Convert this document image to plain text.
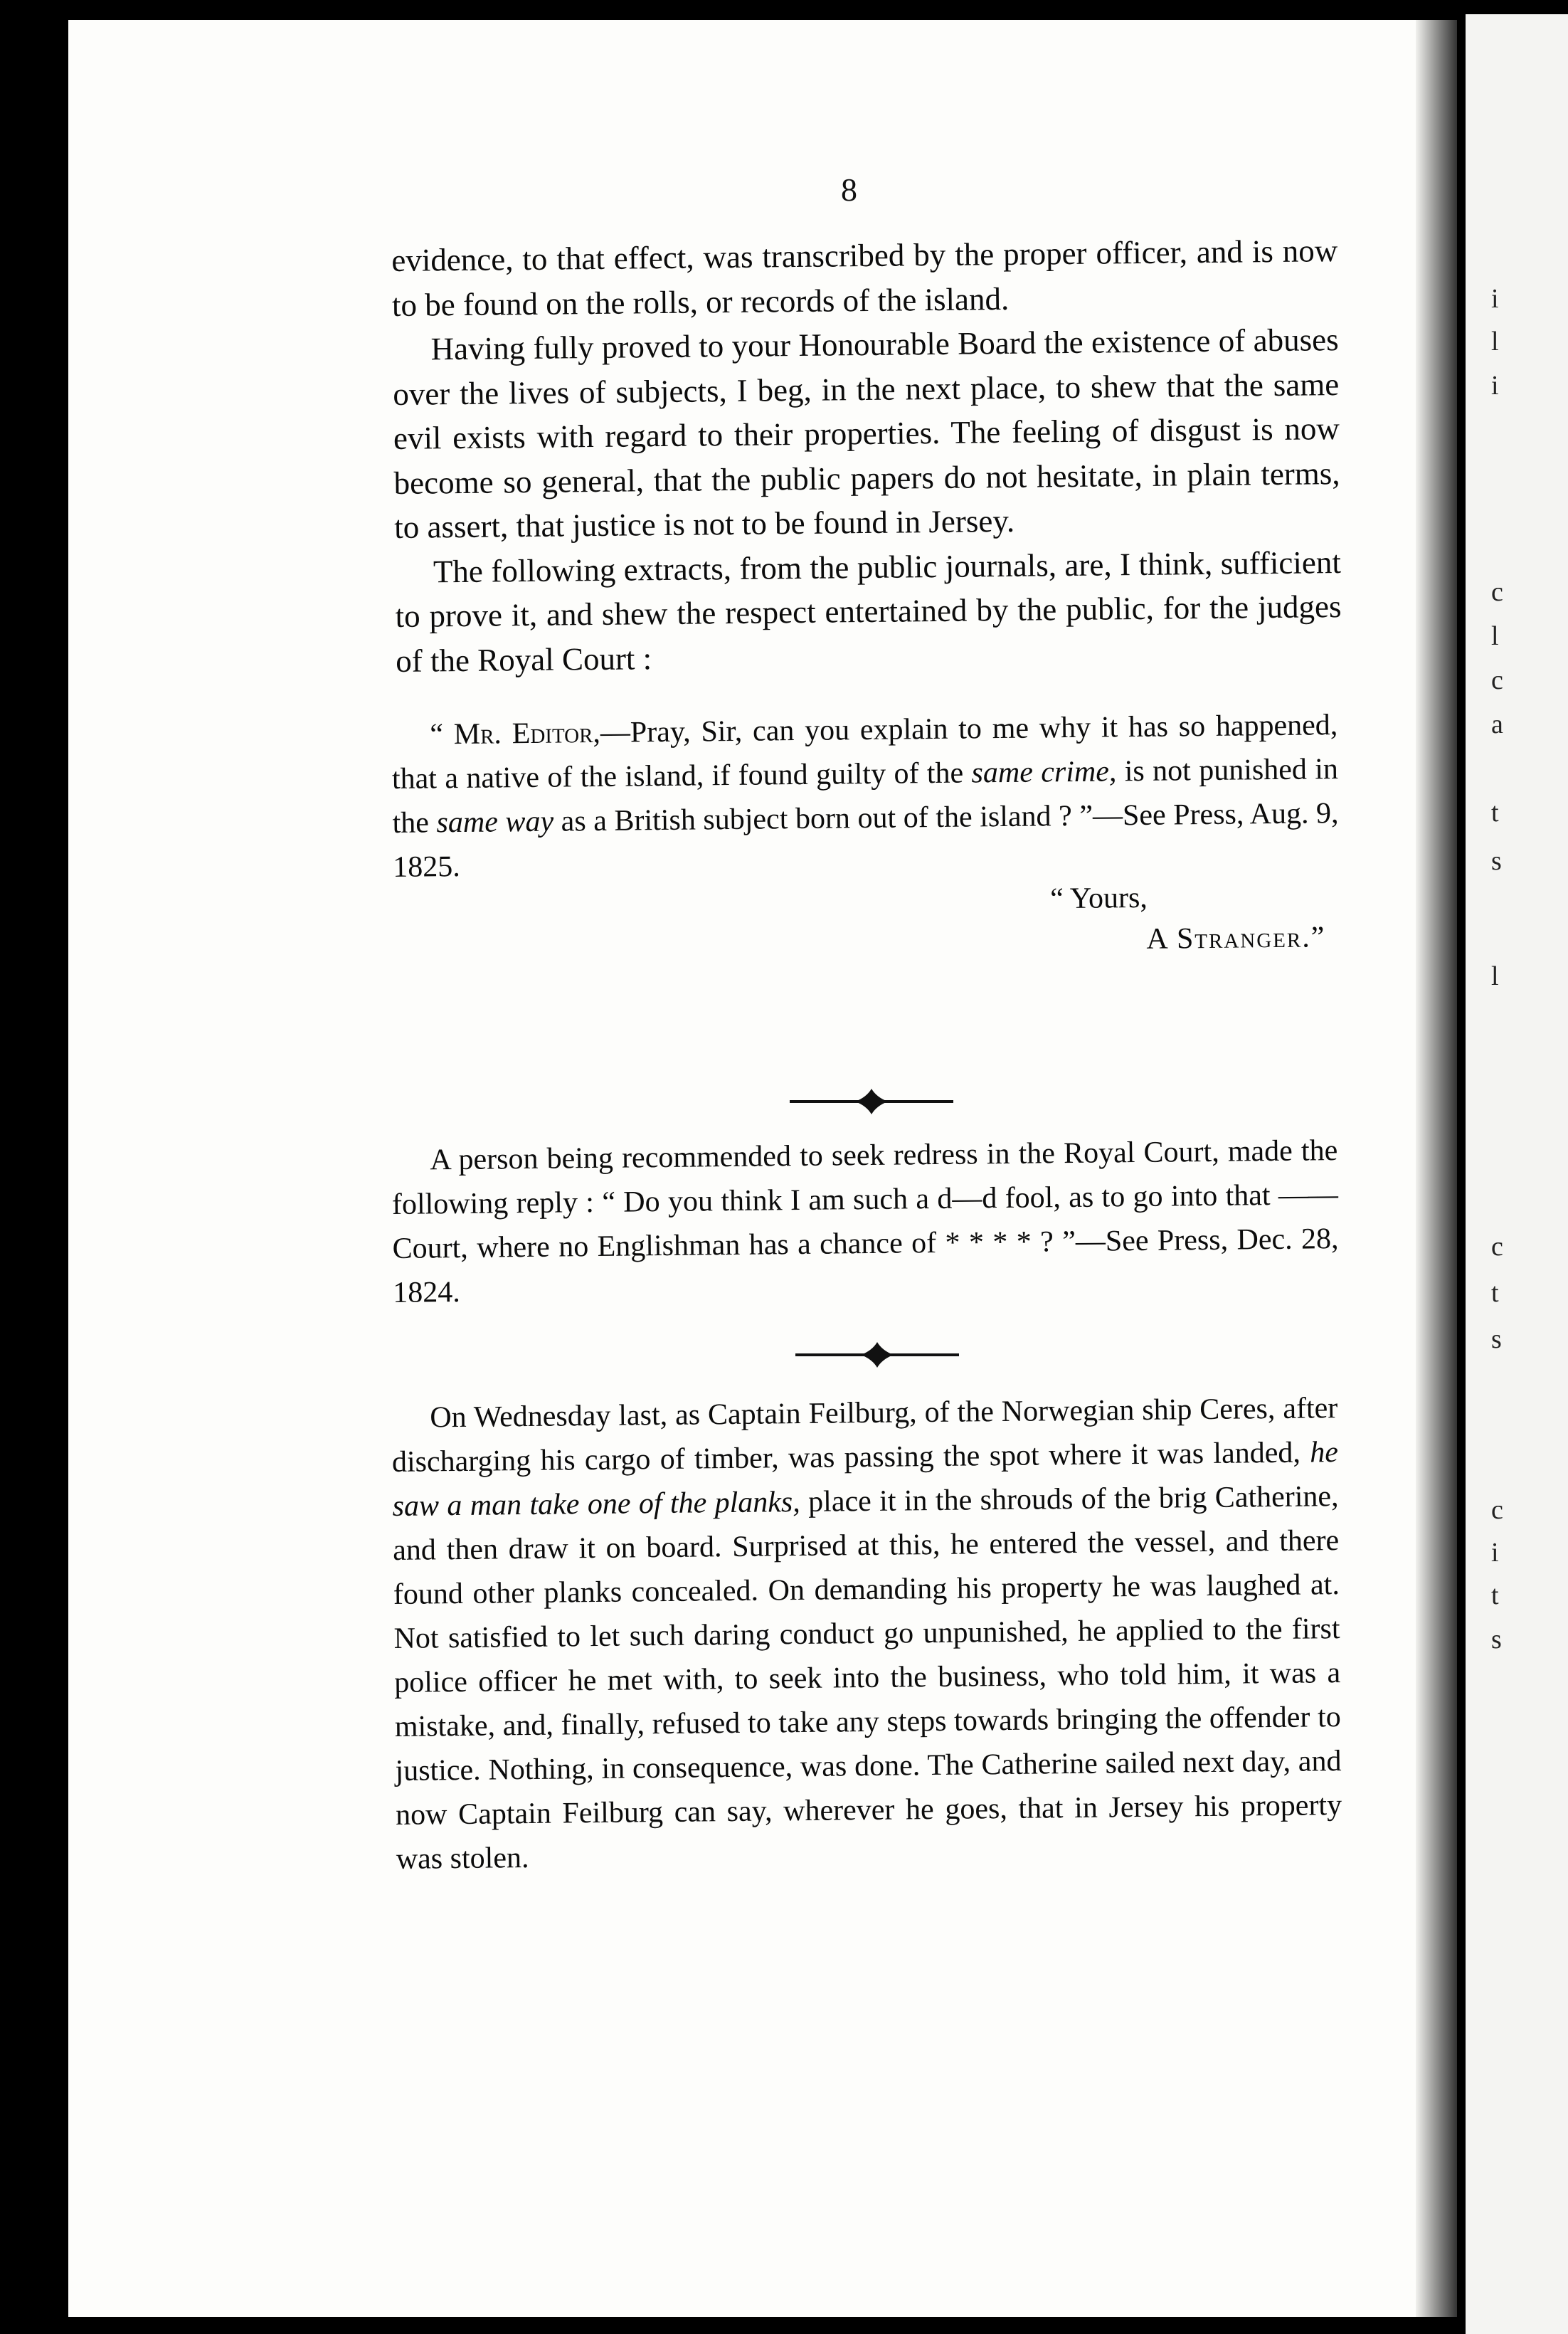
i
l
i
c
l
c
a
t
s
l
c
t
s
c
i
t
s
8

evidence, to that effect, was transcribed by the proper officer, and is now to be found on the rolls, or records of the island.

Having fully proved to your Honourable Board the existence of abuses over the lives of subjects, I beg, in the next place, to shew that the same evil exists with regard to their properties. The feeling of disgust is now become so general, that the public papers do not hesitate, in plain terms, to assert, that justice is not to be found in Jersey.

The following extracts, from the public journals, are, I think, sufficient to prove it, and shew the respect entertained by the public, for the judges of the Royal Court :

“ Mr. Editor,—Pray, Sir, can you explain to me why it has so happened, that a native of the island, if found guilty of the same crime, is not punished in the same way as a British subject born out of the island ? ”—See Press, Aug. 9, 1825.

“ Yours,

A Stranger.”

A person being recommended to seek redress in the Royal Court, made the following reply : “ Do you think I am such a d—d fool, as to go into that —— Court, where no Englishman has a chance of * * * * ? ”—See Press, Dec. 28, 1824.

On Wednesday last, as Captain Feilburg, of the Norwegian ship Ceres, after discharging his cargo of timber, was passing the spot where it was landed, he saw a man take one of the planks, place it in the shrouds of the brig Catherine, and then draw it on board. Surprised at this, he entered the vessel, and there found other planks concealed. On demanding his property he was laughed at. Not satisfied to let such daring conduct go unpunished, he applied to the first police officer he met with, to seek into the business, who told him, it was a mistake, and, finally, refused to take any steps towards bringing the offender to justice. Nothing, in consequence, was done. The Catherine sailed next day, and now Captain Feilburg can say, wherever he goes, that in Jersey his property was stolen.
